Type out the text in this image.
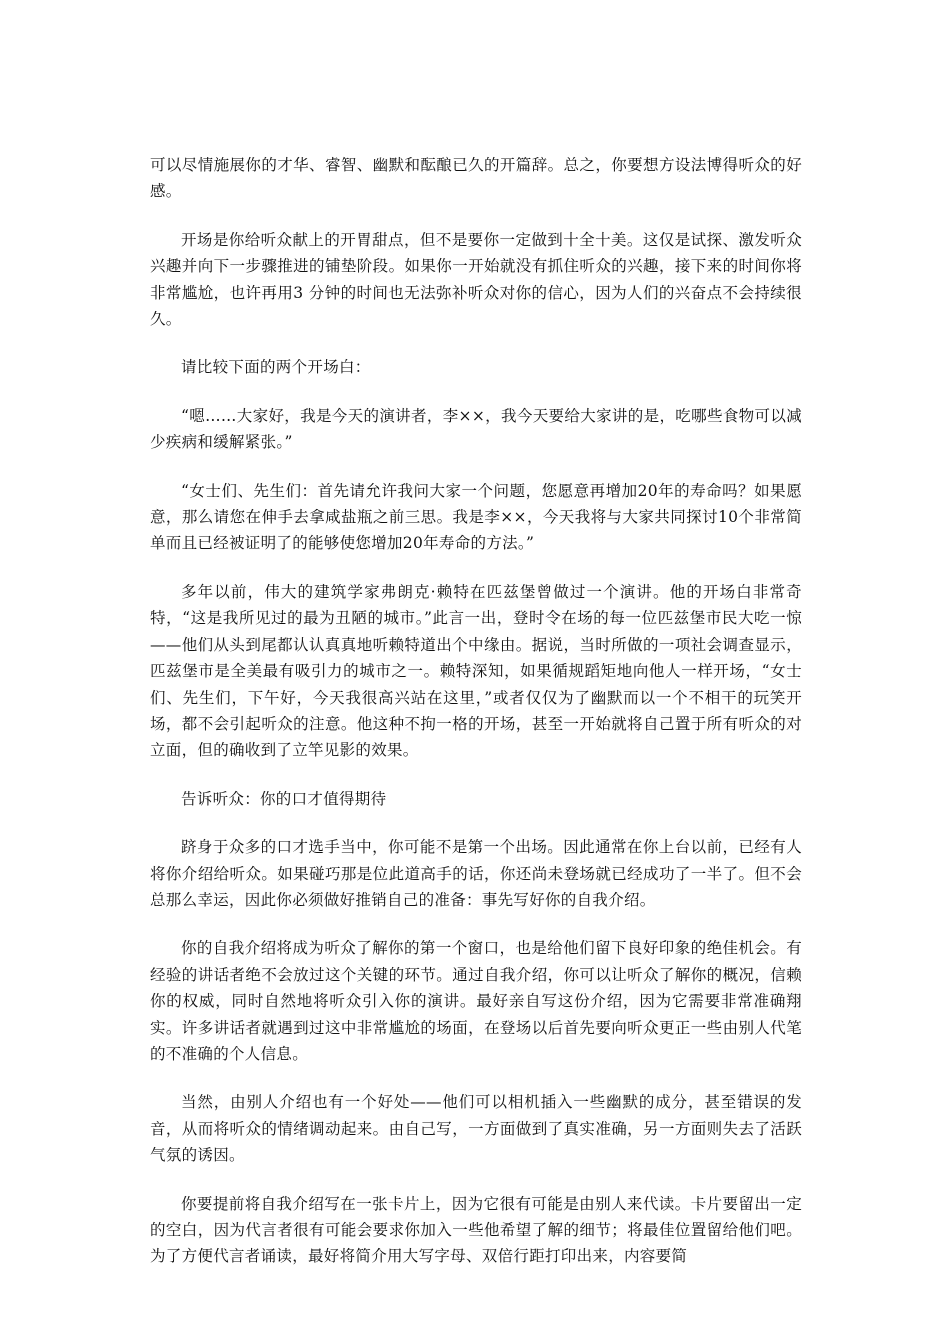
可以尽情施展你的才华、睿智、幽默和酝酿已久的开篇辞。总之，你要想方设法博得听众的好感。

开场是你给听众献上的开胃甜点，但不是要你一定做到十全十美。这仅是试探、激发听众兴趣并向下一步骤推进的铺垫阶段。如果你一开始就没有抓住听众的兴趣，接下来的时间你将非常尴尬，也许再用3 分钟的时间也无法弥补听众对你的信心，因为人们的兴奋点不会持续很久。

请比较下面的两个开场白：

“嗯……大家好，我是今天的演讲者，李××，我今天要给大家讲的是，吃哪些食物可以减少疾病和缓解紧张。”

“女士们、先生们：首先请允许我问大家一个问题，您愿意再增加20年的寿命吗？如果愿意，那么请您在伸手去拿咸盐瓶之前三思。我是李××，今天我将与大家共同探讨10个非常简单而且已经被证明了的能够使您增加20年寿命的方法。”

多年以前，伟大的建筑学家弗朗克·赖特在匹兹堡曾做过一个演讲。他的开场白非常奇特，“这是我所见过的最为丑陋的城市。”此言一出，登时令在场的每一位匹兹堡市民大吃一惊——他们从头到尾都认认真真地听赖特道出个中缘由。据说，当时所做的一项社会调查显示，匹兹堡市是全美最有吸引力的城市之一。赖特深知，如果循规蹈矩地向他人一样开场，“女士们、先生们，下午好，今天我很高兴站在这里，”或者仅仅为了幽默而以一个不相干的玩笑开场，都不会引起听众的注意。他这种不拘一格的开场，甚至一开始就将自己置于所有听众的对立面，但的确收到了立竿见影的效果。

告诉听众：你的口才值得期待

跻身于众多的口才选手当中，你可能不是第一个出场。因此通常在你上台以前，已经有人将你介绍给听众。如果碰巧那是位此道高手的话，你还尚未登场就已经成功了一半了。但不会总那么幸运，因此你必须做好推销自己的准备：事先写好你的自我介绍。

你的自我介绍将成为听众了解你的第一个窗口，也是给他们留下良好印象的绝佳机会。有经验的讲话者绝不会放过这个关键的环节。通过自我介绍，你可以让听众了解你的概况，信赖你的权威，同时自然地将听众引入你的演讲。最好亲自写这份介绍，因为它需要非常准确翔实。许多讲话者就遇到过这中非常尴尬的场面，在登场以后首先要向听众更正一些由别人代笔的不准确的个人信息。

当然，由别人介绍也有一个好处——他们可以相机插入一些幽默的成分，甚至错误的发音，从而将听众的情绪调动起来。由自己写，一方面做到了真实准确，另一方面则失去了活跃气氛的诱因。

你要提前将自我介绍写在一张卡片上，因为它很有可能是由别人来代读。卡片要留出一定的空白，因为代言者很有可能会要求你加入一些他希望了解的细节；将最佳位置留给他们吧。为了方便代言者诵读，最好将简介用大写字母、双倍行距打印出来，内容要简
